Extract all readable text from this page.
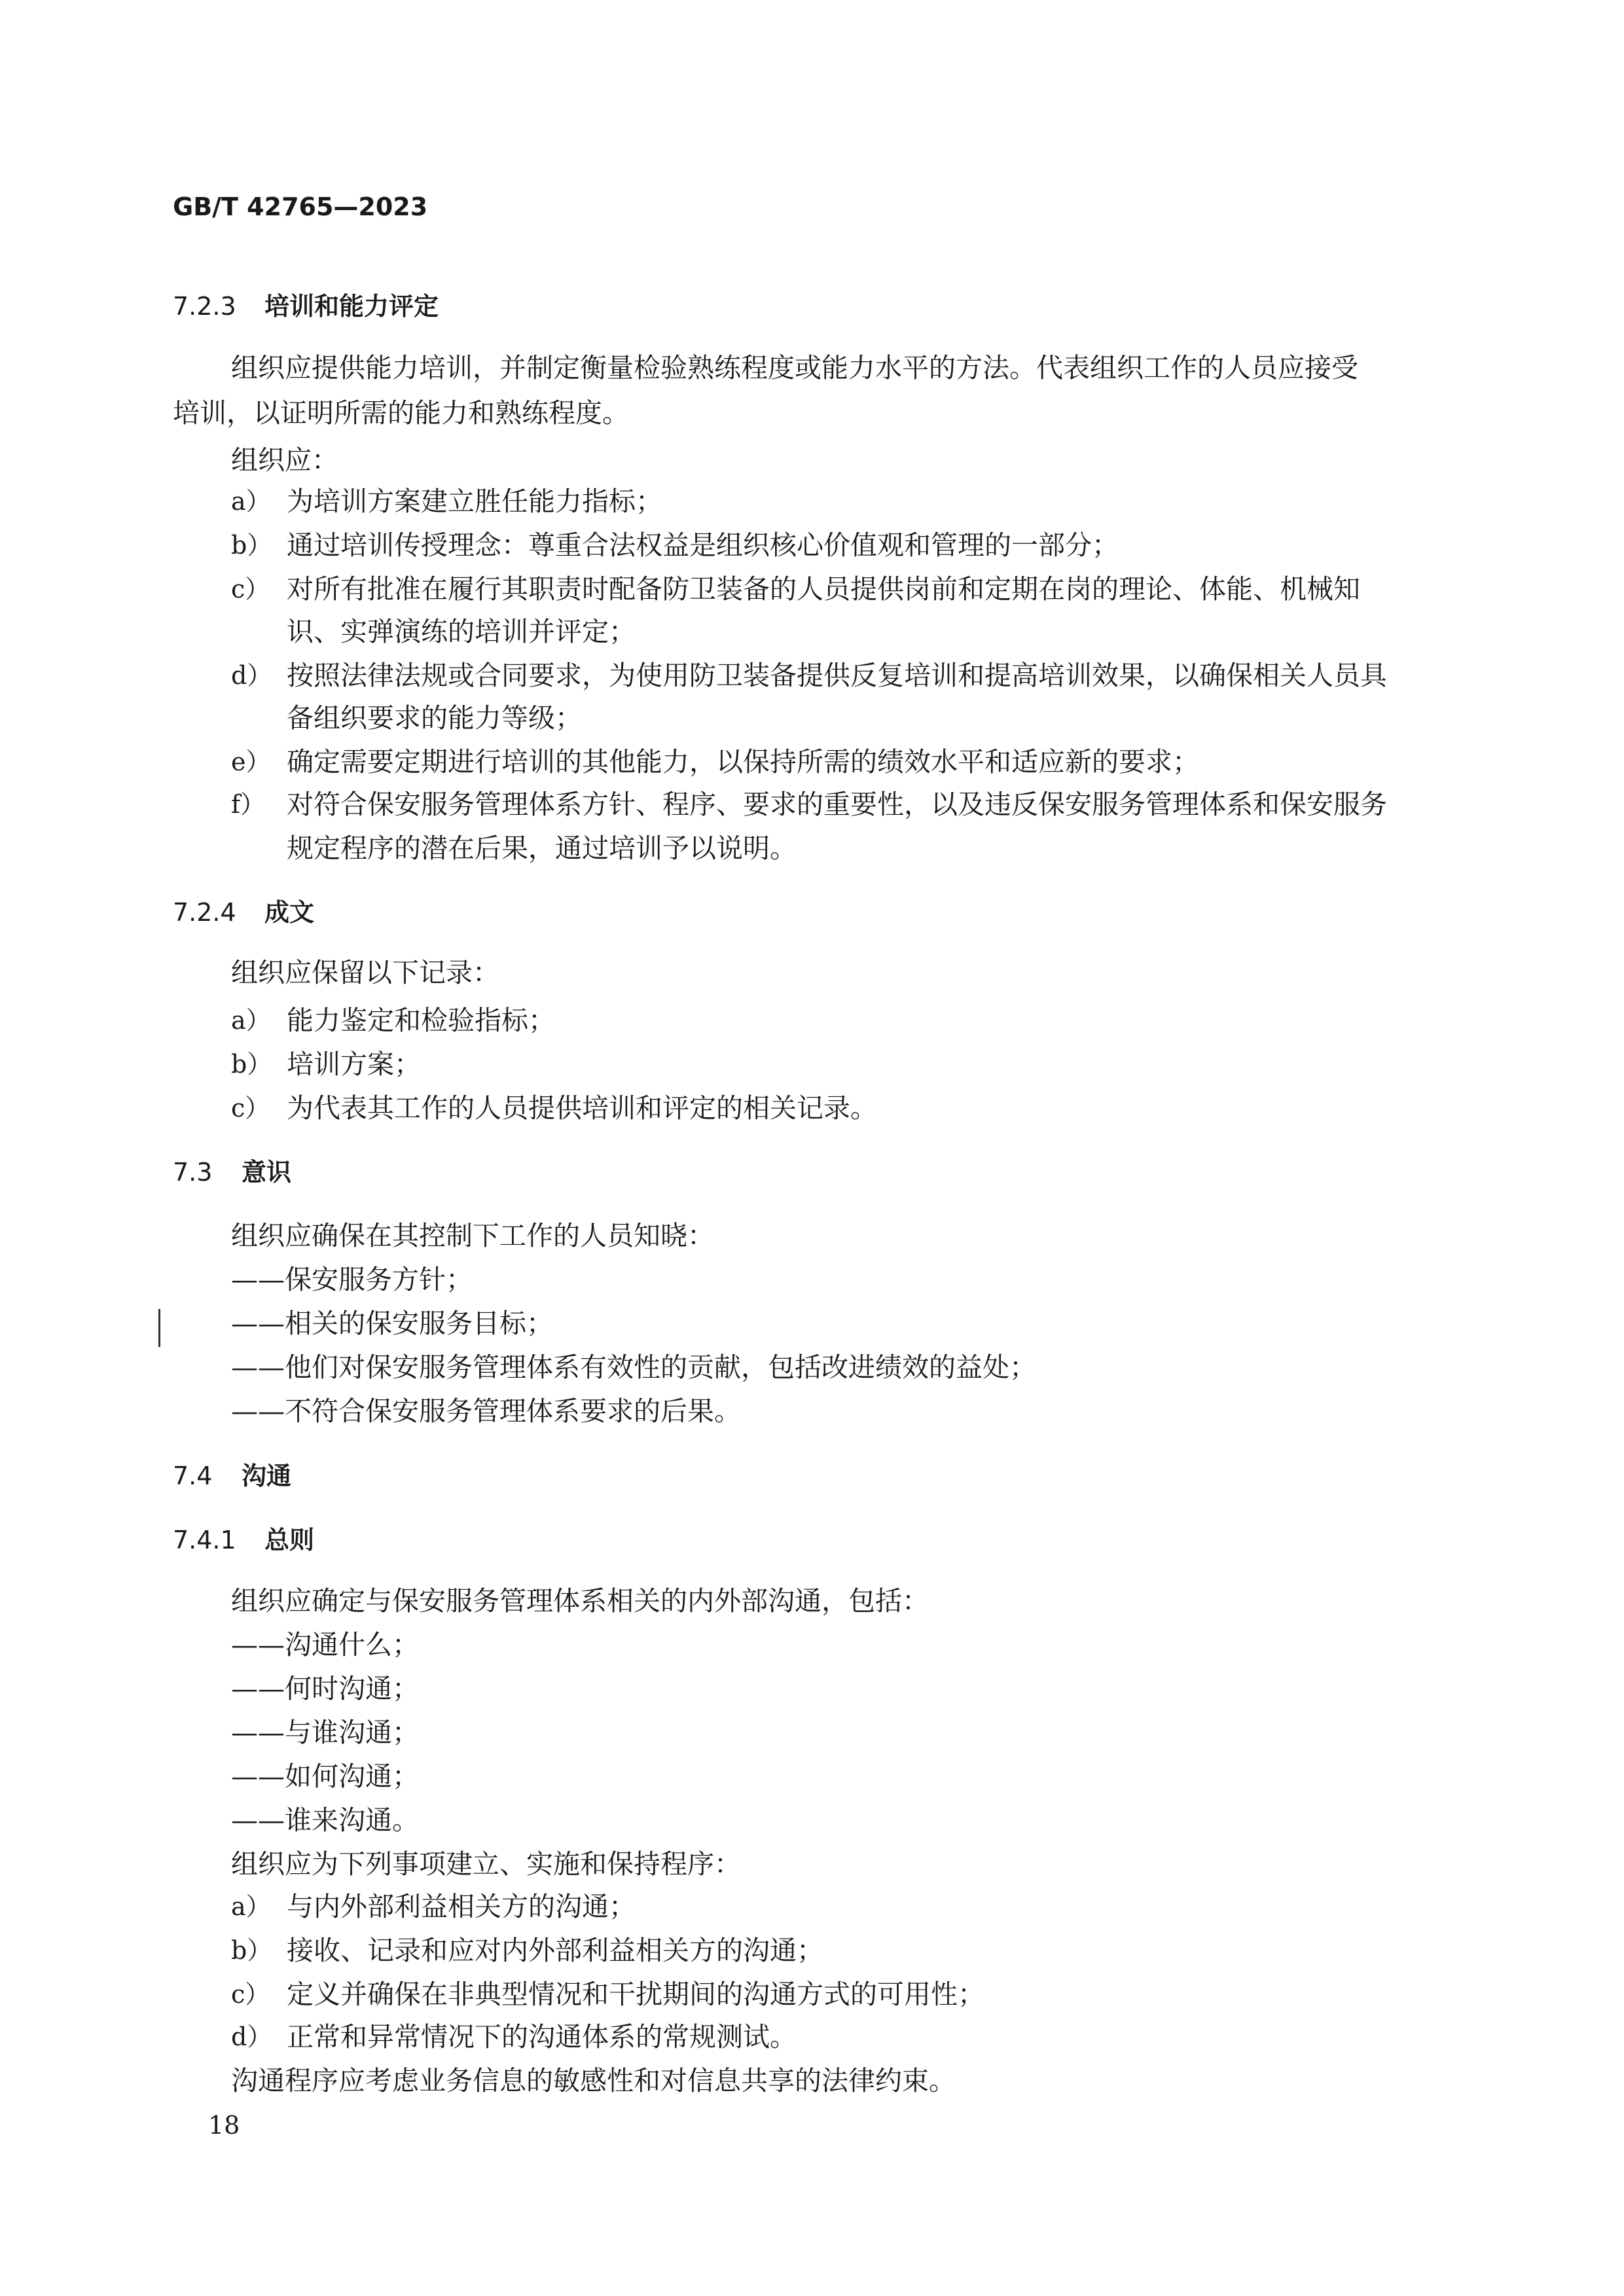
GB/T 42765—2023
7.2.3 培训和能力评定
组织应提供能力培训，并制定衡量检验熟练程度或能力水平的方法。代表组织工作的人员应接受
培训，以证明所需的能力和熟练程度。
组织应：
a） 为培训方案建立胜任能力指标；
b） 通过培训传授理念：尊重合法权益是组织核心价值观和管理的一部分；
c） 对所有批准在履行其职责时配备防卫装备的人员提供岗前和定期在岗的理论、体能、机械知
识、实弹演练的培训并评定；
d） 按照法律法规或合同要求，为使用防卫装备提供反复培训和提高培训效果，以确保相关人员具
备组织要求的能力等级；
e） 确定需要定期进行培训的其他能力，以保持所需的绩效水平和适应新的要求；
f） 对符合保安服务管理体系方针、程序、要求的重要性，以及违反保安服务管理体系和保安服务
规定程序的潜在后果，通过培训予以说明。
7.2.4 成文
组织应保留以下记录：
a） 能力鉴定和检验指标；
b） 培训方案；
c） 为代表其工作的人员提供培训和评定的相关记录。
7.3 意识
组织应确保在其控制下工作的人员知晓：
——保安服务方针；
——相关的保安服务目标；
——他们对保安服务管理体系有效性的贡献，包括改进绩效的益处；
——不符合保安服务管理体系要求的后果。
7.4 沟通
7.4.1 总则
组织应确定与保安服务管理体系相关的内外部沟通，包括：
——沟通什么；
——何时沟通；
——与谁沟通；
——如何沟通；
——谁来沟通。
组织应为下列事项建立、实施和保持程序：
a） 与内外部利益相关方的沟通；
b） 接收、记录和应对内外部利益相关方的沟通；
c） 定义并确保在非典型情况和干扰期间的沟通方式的可用性；
d） 正常和异常情况下的沟通体系的常规测试。
沟通程序应考虑业务信息的敏感性和对信息共享的法律约束。
18
